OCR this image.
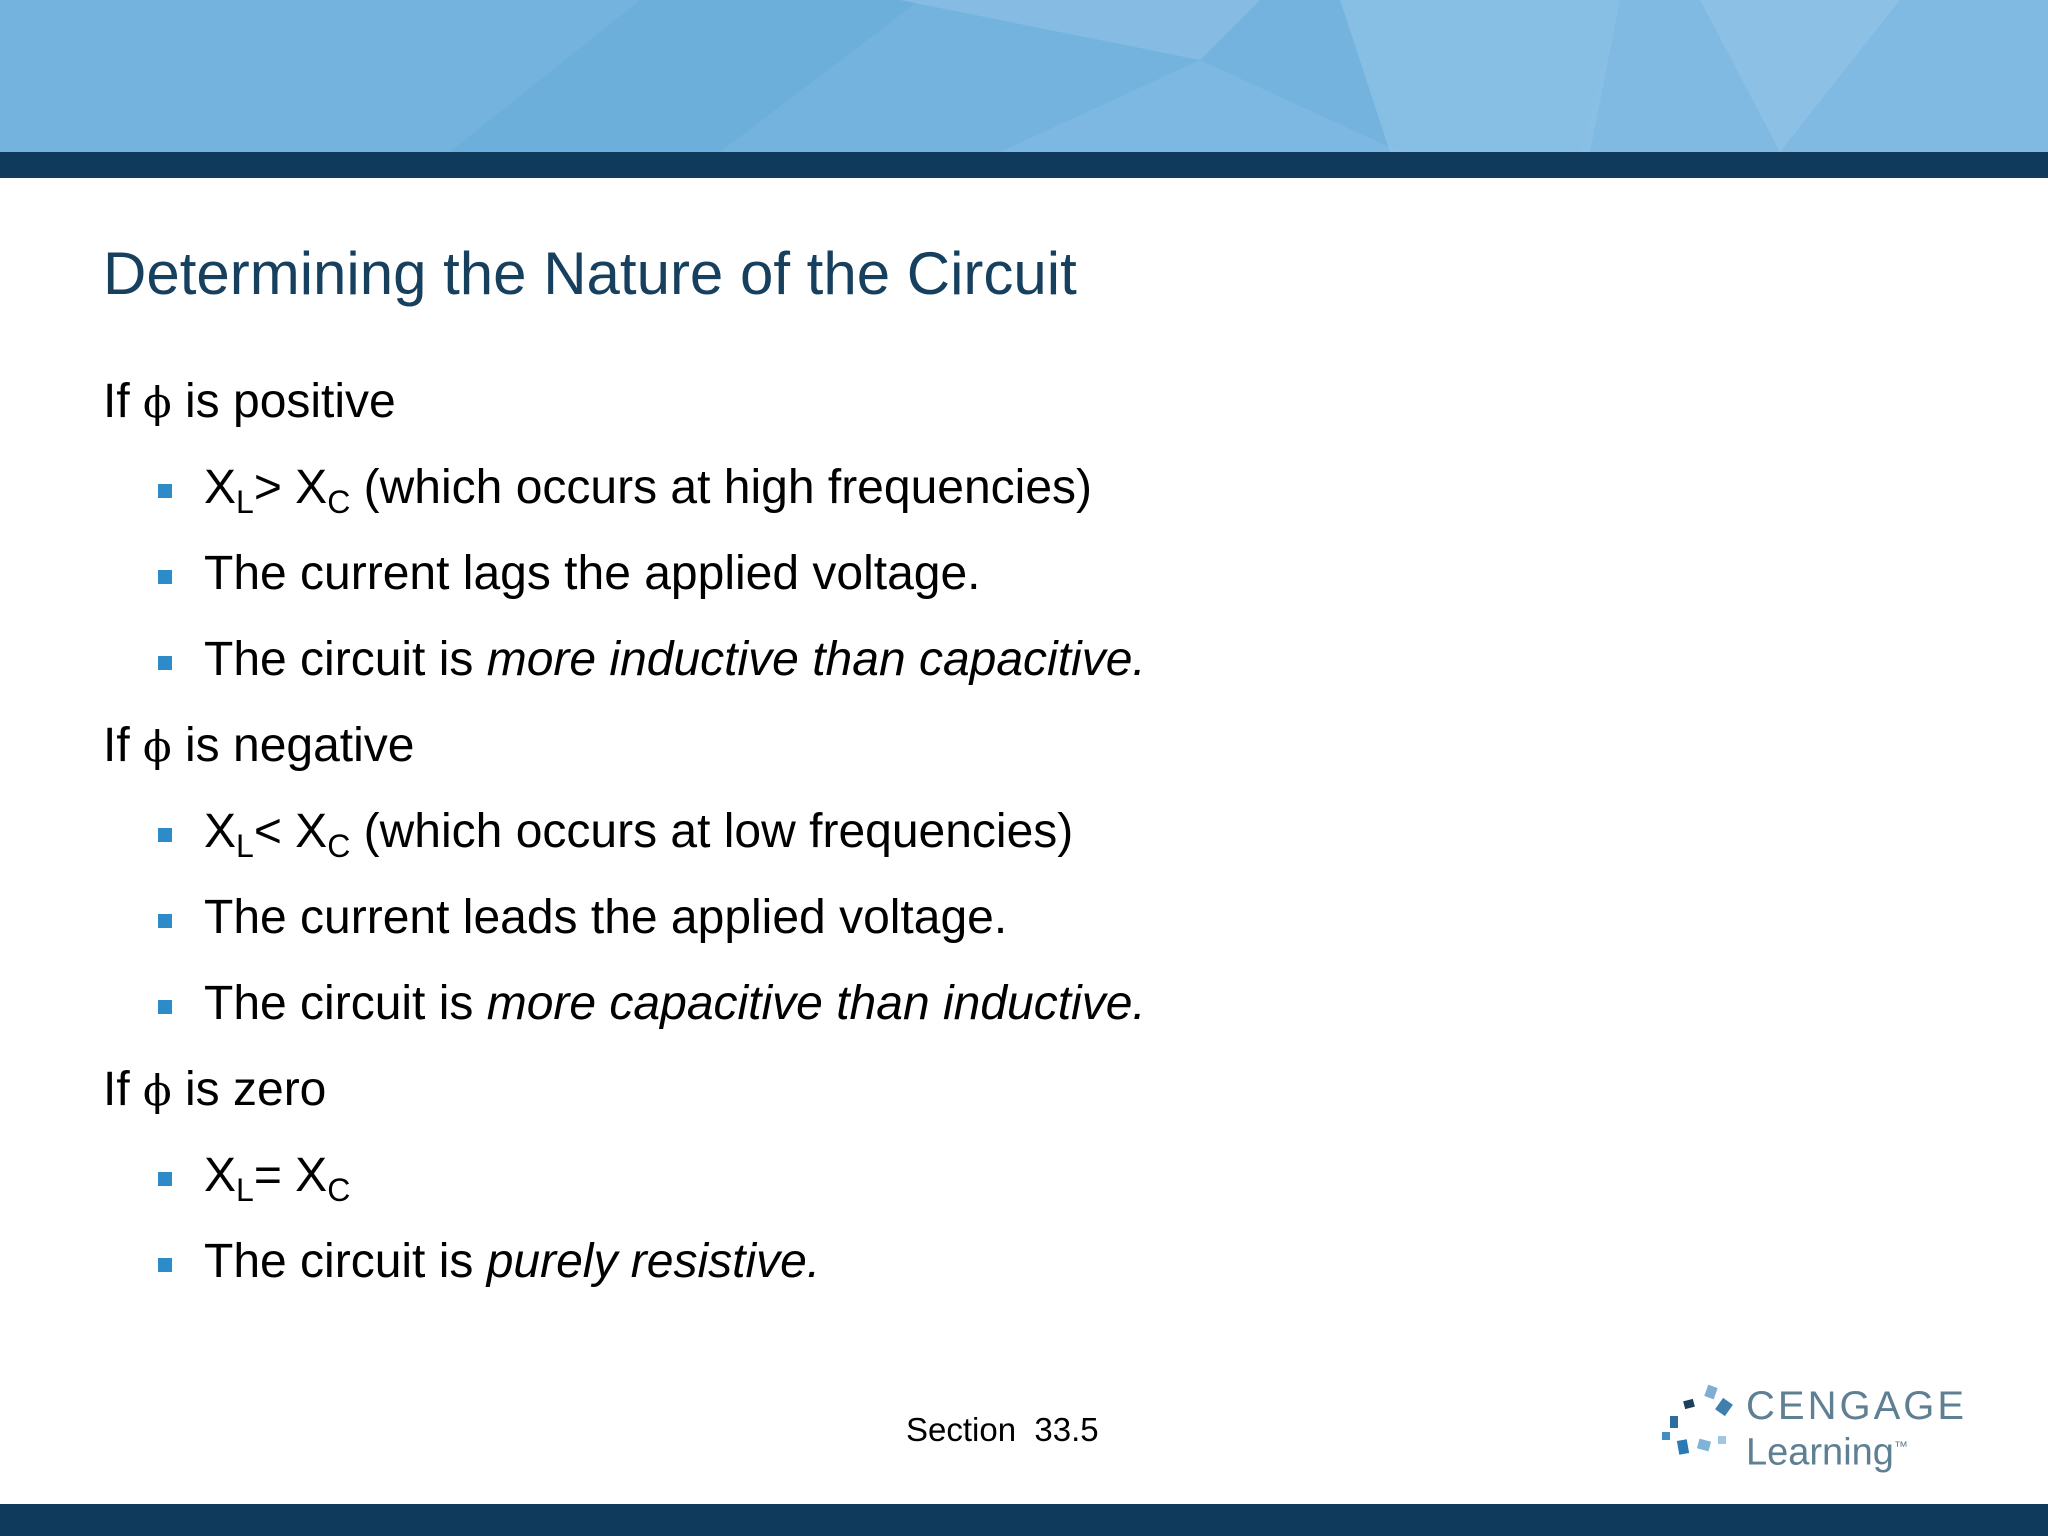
Determining the Nature of the Circuit
If ϕ is positive
$X_L> X_C$ (which occurs at high frequencies)
The current lags the applied voltage.
The circuit is more inductive than capacitive.
If ϕ is negative
$X_L< X_C$ (which occurs at low frequencies)
The current leads the applied voltage.
The circuit is more capacitive than inductive.
If ϕ is zero
$X_L= X_C$
The circuit is purely resistive.
Section  33.5
CENGAGE
Learning™
